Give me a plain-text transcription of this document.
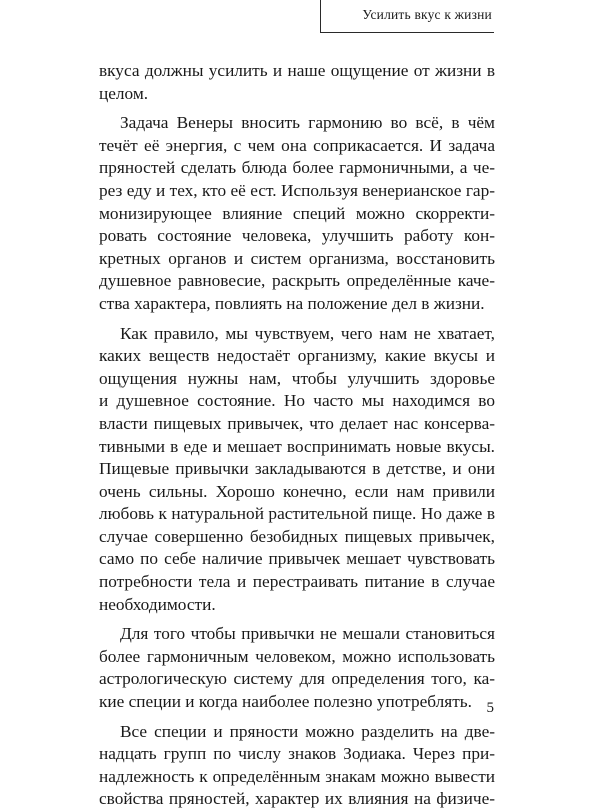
Усилить вкус к жизни
вкуса должны усилить и наше ощущение от жизни в
целом.
Задача Венеры вносить гармонию во всё, в чём
течёт её энергия, с чем она соприкасается. И задача
пряностей сделать блюда более гармоничными, а че-
рез еду и тех, кто её ест. Используя венерианское гар-
монизирующее влияние специй можно скорректи-
ровать состояние человека, улучшить работу кон-
кретных органов и систем организма, восстановить
душевное равновесие, раскрыть определённые каче-
ства характера, повлиять на положение дел в жизни.
Как правило, мы чувствуем, чего нам не хватает,
каких веществ недостаёт организму, какие вкусы и
ощущения нужны нам, чтобы улучшить здоровье
и душевное состояние. Но часто мы находимся во
власти пищевых привычек, что делает нас консерва-
тивными в еде и мешает воспринимать новые вкусы.
Пищевые привычки закладываются в детстве, и они
очень сильны. Хорошо конечно, если нам привили
любовь к натуральной растительной пище. Но даже в
случае совершенно безобидных пищевых привычек,
само по себе наличие привычек мешает чувствовать
потребности тела и перестраивать питание в случае
необходимости.
Для того чтобы привычки не мешали становиться
более гармоничным человеком, можно использовать
астрологическую систему для определения того, ка-
кие специи и когда наиболее полезно употреблять.
Все специи и пряности можно разделить на две-
надцать групп по числу знаков Зодиака. Через при-
надлежность к определённым знакам можно вывести
свойства пряностей, характер их влияния на физиче-
5
